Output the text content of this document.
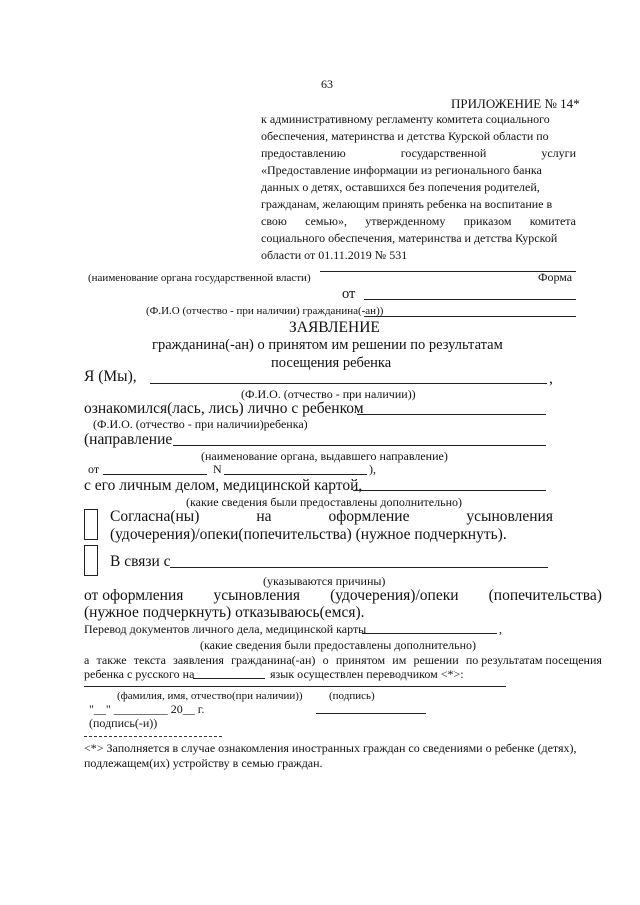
63
ПРИЛОЖЕНИЕ № 14*
к административному регламенту комитета социального
обеспечения, материнства и детства Курской области по
предоставлению	государственной	услуги
«Предоставление информации из регионального банка
данных о детях, оставшихся без попечения родителей,
гражданам, желающим принять ребенка на воспитание в
свою семью», утвержденному приказом комитета
социального обеспечения, материнства и детства Курской
области от 01.11.2019 № 531
Форма
(наименование органа государственной власти)
от
(Ф.И.О (отчество - при наличии) гражданина(-ан))
ЗАЯВЛЕНИЕ
гражданина(-ан) о принятом им решении по результатам
посещения ребенка
Я (Мы),	,
(Ф.И.О. (отчество - при наличии))
ознакомился(лась, лись) лично с ребенком
(Ф.И.О. (отчество - при наличии)ребенка)
(направление
(наименование органа, выдавшего направление)
от	N	),
с его личным делом, медицинской картой,
(какие сведения были предоставлены дополнительно)
Согласна(ны)	на	оформление	усыновления
(удочерения)/опеки(попечительства) (нужное подчеркнуть).
В связи с
(указываются причины)
от оформления усыновления (удочерения)/опеки (попечительства)
(нужное подчеркнуть) отказываюсь(емся).
Перевод документов личного дела, медицинской карты	,
(какие сведения были предоставлены дополнительно)
а также текста заявления гражданина(-ан) о принятом им решении по результатам посещения
ребенка с русского на	язык осуществлен переводчиком <*>:
(фамилия, имя, отчество(при наличии)) (подпись)
"__" _________ 20__ г.
(подпись(-и))
<*> Заполняется в случае ознакомления иностранных граждан со сведениями о ребенке (детях),
подлежащем(их) устройству в семью граждан.
